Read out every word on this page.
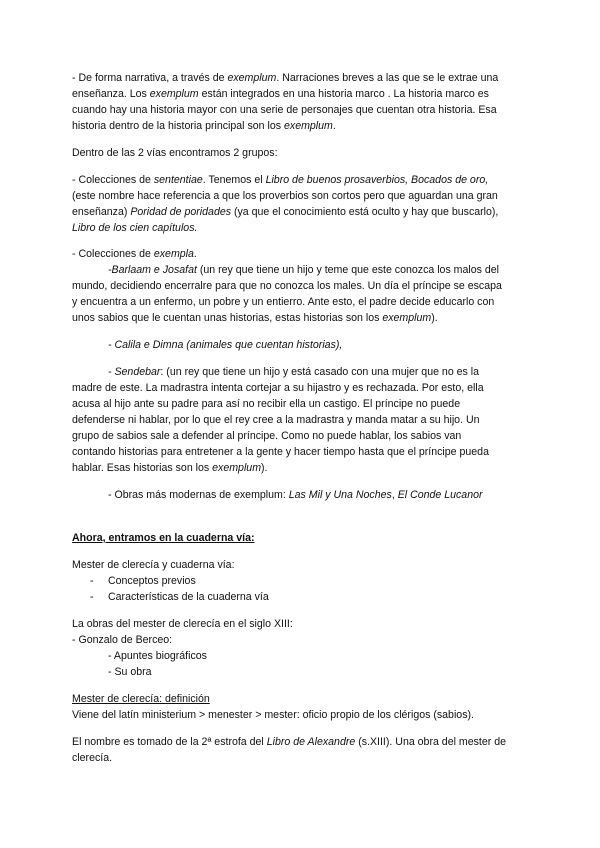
- De forma narrativa, a través de exemplum. Narraciones breves a las que se le extrae una
enseñanza. Los exemplum están integrados en una historia marco . La historia marco es
cuando hay una historia mayor con una serie de personajes que cuentan otra historia. Esa
historia dentro de la historia principal son los exemplum.
Dentro de las 2 vías encontramos 2 grupos:
- Colecciones de sententiae. Tenemos el Libro de buenos prosaverbios, Bocados de oro,
(este nombre hace referencia a que los proverbios son cortos pero que aguardan una gran
enseñanza) Poridad de poridades (ya que el conocimiento está oculto y hay que buscarlo),
Libro de los cien capítulos.
- Colecciones de exempla.
-Barlaam e Josafat (un rey que tiene un hijo y teme que este conozca los malos del
mundo, decidiendo encerralre para que no conozca los males. Un día el príncipe se escapa
y encuentra a un enfermo, un pobre y un entierro. Ante esto, el padre decide educarlo con
unos sabios que le cuentan unas historias, estas historias son los exemplum).
- Calila e Dimna (animales que cuentan historias),
- Sendebar: (un rey que tiene un hijo y está casado con una mujer que no es la
madre de este. La madrastra intenta cortejar a su hijastro y es rechazada. Por esto, ella
acusa al hijo ante su padre para así no recibir ella un castigo. El príncipe no puede
defenderse ni hablar, por lo que el rey cree a la madrastra y manda matar a su hijo. Un
grupo de sabios sale a defender al príncipe. Como no puede hablar, los sabios van
contando historias para entretener a la gente y hacer tiempo hasta que el príncipe pueda
hablar. Esas historias son los exemplum).
- Obras más modernas de exemplum: Las Mil y Una Noches, El Conde Lucanor
Ahora, entramos en la cuaderna vía:
Mester de clerecía y cuaderna vía:
- Conceptos previos
- Características de la cuaderna vía
La obras del mester de clerecía en el siglo XIII:
- Gonzalo de Berceo:
- Apuntes biográficos
- Su obra
Mester de clerecía: definición
Viene del latín ministerium > menester > mester: oficio propio de los clérigos (sabios).
El nombre es tomado de la 2ª estrofa del Libro de Alexandre (s.XIII). Una obra del mester de
clerecía.
